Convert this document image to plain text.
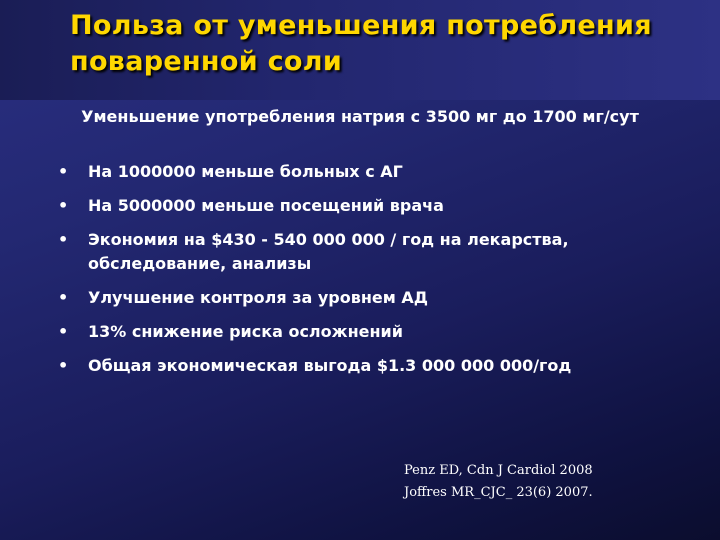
Польза от уменьшения потребления поваренной соли
Уменьшение употребления натрия с 3500 мг до 1700 мг/сут
• На 1000000 меньше больных с АГ
• На 5000000 меньше посещений врача
• Экономия на $430 - 540 000 000 / год на лекарства, обследование, анализы
• Улучшение контроля за уровнем АД
• 13% снижение риска осложнений
• Общая экономическая выгода $1.3 000 000 000/год
Penz ED, Cdn J Cardiol 2008
Joffres MR_CJC_ 23(6) 2007.
